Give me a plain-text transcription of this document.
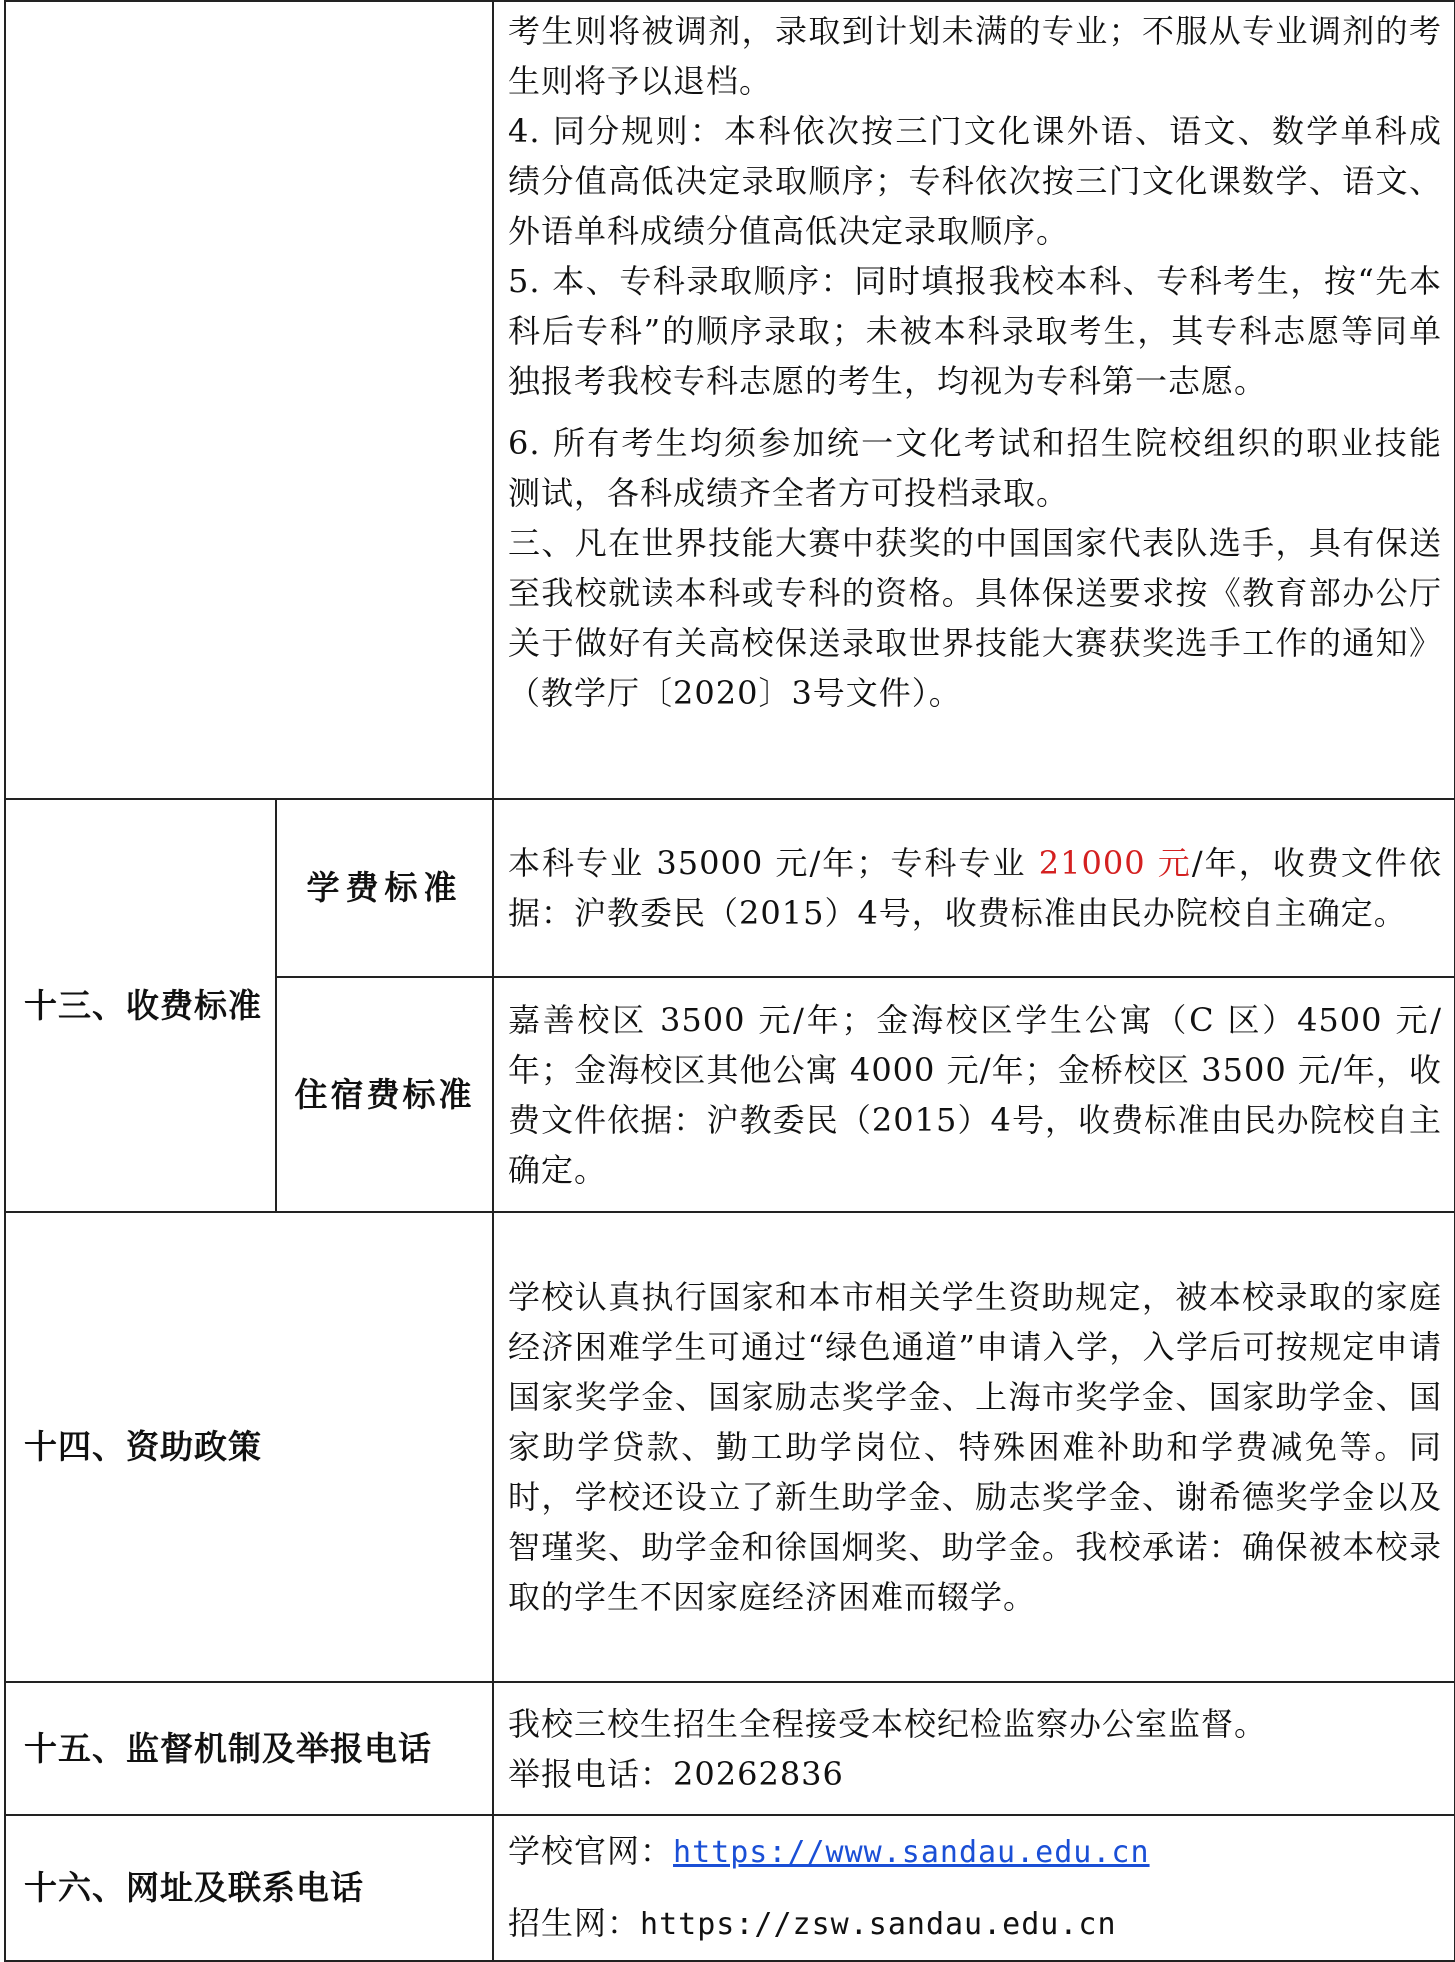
		考生则将被调剂，录取到计划未满的专业；不服从专业调剂的考生则将予以退档。

4. 同分规则：本科依次按三门文化课外语、语文、数学单科成绩分值高低决定录取顺序；专科依次按三门文化课数学、语文、外语单科成绩分值高低决定录取顺序。

5. 本、专科录取顺序：同时填报我校本科、专科考生，按“先本科后专科”的顺序录取；未被本科录取考生，其专科志愿等同单独报考我校专科志愿的考生，均视为专科第一志愿。

6. 所有考生均须参加统一文化考试和招生院校组织的职业技能测试，各科成绩齐全者方可投档录取。

三、凡在世界技能大赛中获奖的中国国家代表队选手，具有保送至我校就读本科或专科的资格。具体保送要求按《教育部办公厅关于做好有关高校保送录取世界技能大赛获奖选手工作的通知》（教学厅〔2020〕3号文件）。

十三、收费标准	学费标准	本科专业 35000 元/年；专科专业 21000 元/年，收费文件依据：沪教委民（2015）4号，收费标准由民办院校自主确定。

	住宿费标准	嘉善校区 3500 元/年；金海校区学生公寓（C 区）4500 元/年；金海校区其他公寓 4000 元/年；金桥校区 3500 元/年，收费文件依据：沪教委民（2015）4号，收费标准由民办院校自主确定。

十四、资助政策		学校认真执行国家和本市相关学生资助规定，被本校录取的家庭经济困难学生可通过“绿色通道”申请入学，入学后可按规定申请国家奖学金、国家励志奖学金、上海市奖学金、国家助学金、国家助学贷款、勤工助学岗位、特殊困难补助和学费减免等。同时，学校还设立了新生助学金、励志奖学金、谢希德奖学金以及智瑾奖、助学金和徐国炯奖、助学金。我校承诺：确保被本校录取的学生不因家庭经济困难而辍学。

十五、监督机制及举报电话		我校三校生招生全程接受本校纪检监察办公室监督。

举报电话：20262836

十六、网址及联系电话		学校官网：https://www.sandau.edu.cn

招生网：https://zsw.sandau.edu.cn
